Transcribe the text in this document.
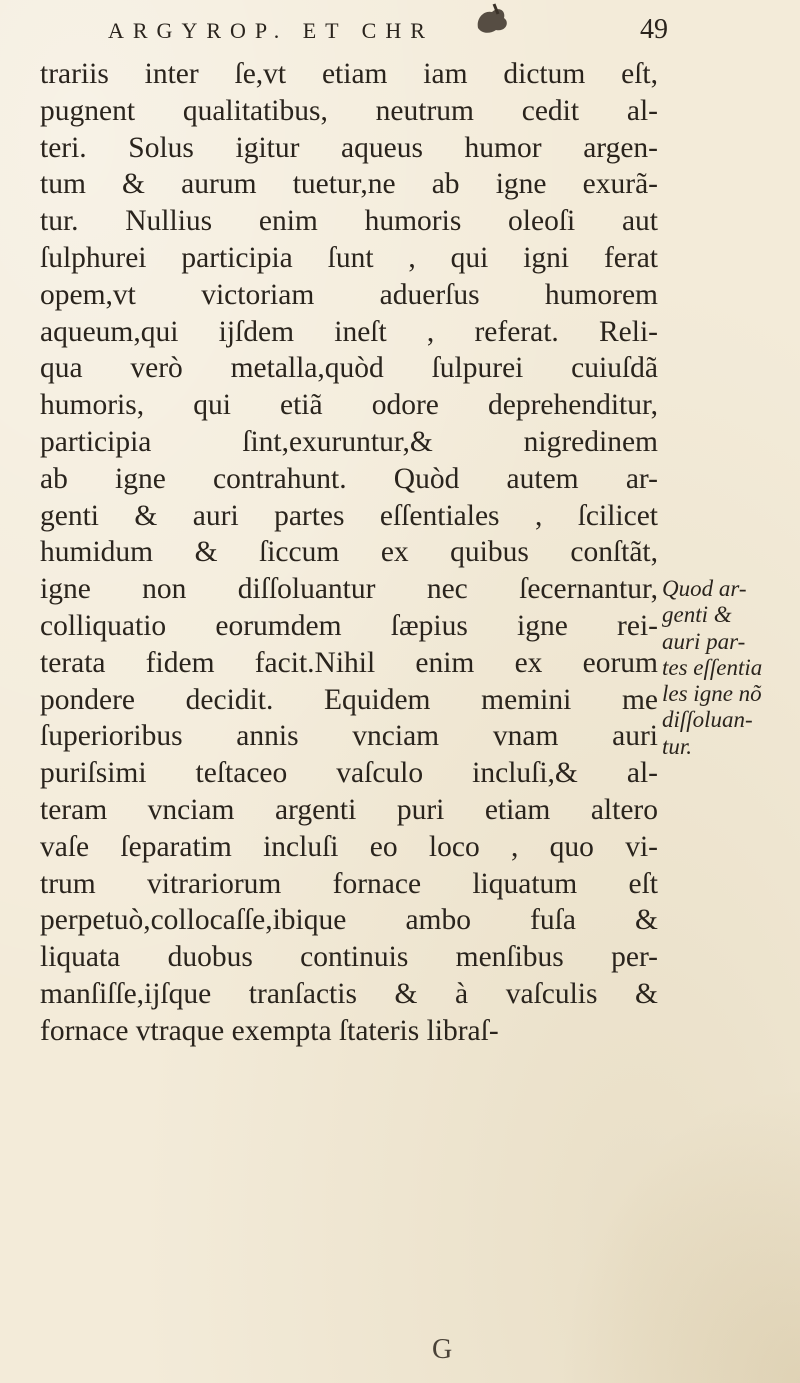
ARGYROP. ET CHR	49
trariis inter ſe,vt etiam iam dictum eſt,
pugnent qualitatibus, neutrum cedit al-
teri. Solus igitur aqueus humor argen-
tum & aurum tuetur,ne ab igne exurã-
tur. Nullius enim humoris oleoſi aut
ſulphurei participia ſunt , qui igni ferat
opem,vt victoriam aduerſus humorem
aqueum,qui ijſdem ineſt , referat. Reli-
qua verò metalla,quòd ſulpurei cuiuſdã
humoris, qui etiã odore deprehenditur,
participia ſint,exuruntur,& nigredinem
ab igne contrahunt. Quòd autem ar-
genti & auri partes eſſentiales , ſcilicet
humidum & ſiccum ex quibus conſtãt,
igne non diſſoluantur nec ſecernantur,
colliquatio eorumdem ſæpius igne rei-
terata fidem facit.Nihil enim ex eorum
pondere decidit. Equidem memini me
ſuperioribus annis vnciam vnam auri
puriſsimi teſtaceo vaſculo incluſi,& al-
teram vnciam argenti puri etiam altero
vaſe ſeparatim incluſi eo loco , quo vi-
trum vitrariorum fornace liquatum eſt
perpetuò,collocaſſe,ibique ambo fuſa &
liquata duobus continuis menſibus per-
manſiſſe,ijſque tranſactis & à vaſculis &
fornace vtraque exempta ſtateris libraſ-
Quod ar-
genti &
auri par-
tes eſſentia
les igne nõ
diſſoluan-
tur.
G
